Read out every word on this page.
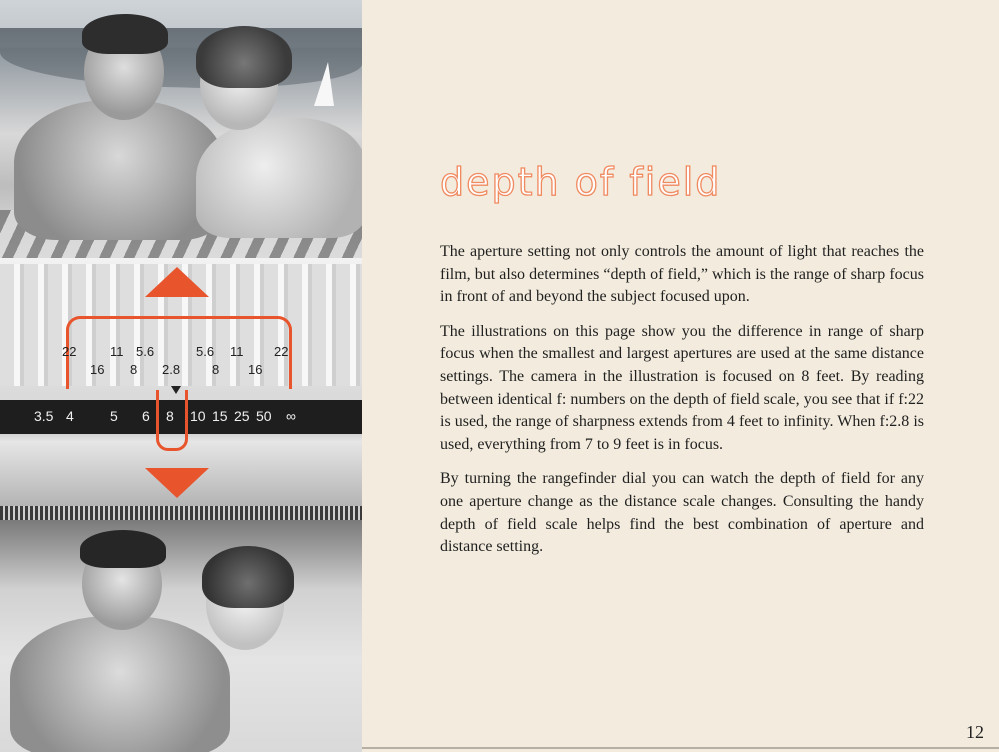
22	11 5.6	5.6 11 22
16 8 2.8 8 16
3.5 4	5 6 8 10 15 25 50 ∞
depth of field

The aperture setting not only controls the amount of light that reaches the film, but also determines “depth of field,” which is the range of sharp focus in front of and beyond the subject focused upon.

The illustrations on this page show you the difference in range of sharp focus when the smallest and largest apertures are used at the same distance settings. The camera in the illustration is focused on 8 feet. By reading between identical f: numbers on the depth of field scale, you see that if f:22 is used, the range of sharpness extends from 4 feet to infinity. When f:2.8 is used, everything from 7 to 9 feet is in focus.

By turning the rangefinder dial you can watch the depth of field for any one aperture change as the distance scale changes. Consulting the handy depth of field scale helps find the best combination of aperture and distance setting.

12
